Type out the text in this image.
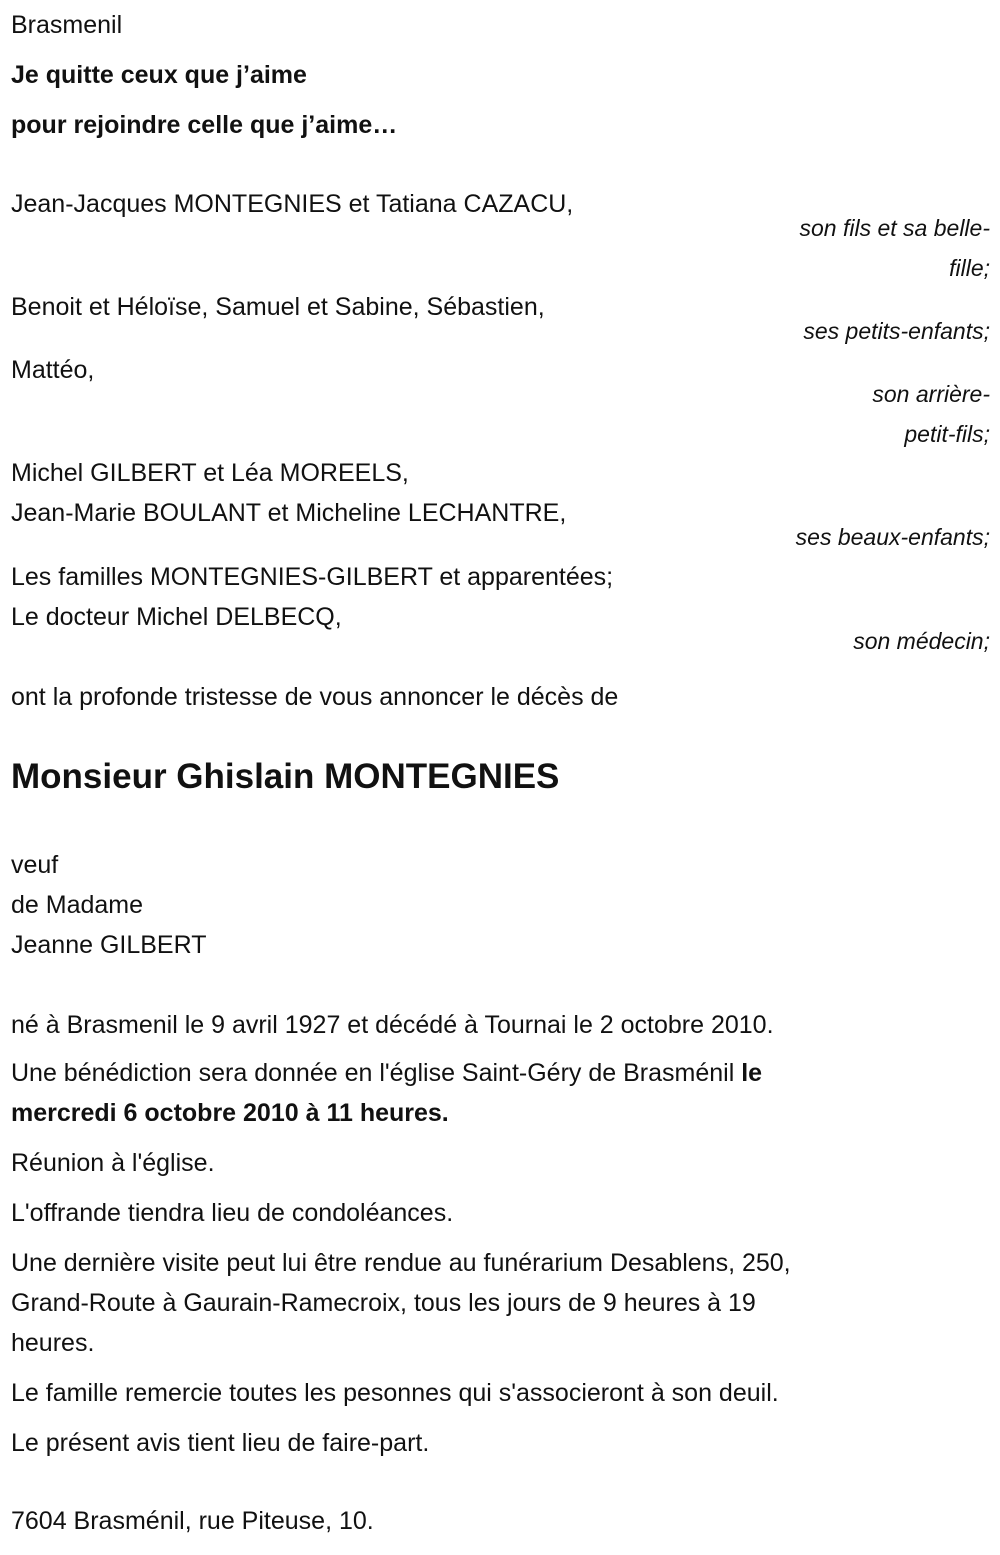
Brasmenil
Je quitte ceux que j’aime
pour rejoindre celle que j’aime…
Jean-Jacques MONTEGNIES et Tatiana CAZACU,
son fils et sa belle-
fille;
Benoit et Héloïse, Samuel et Sabine, Sébastien,
ses petits-enfants;
Mattéo,
son arrière-
petit-fils;
Michel GILBERT et Léa MOREELS,
Jean-Marie BOULANT et Micheline LECHANTRE,
ses beaux-enfants;
Les familles MONTEGNIES-GILBERT et apparentées;
Le docteur Michel DELBECQ,
son médecin;
ont la profonde tristesse de vous annoncer le décès de
Monsieur Ghislain MONTEGNIES
veuf
de Madame
Jeanne GILBERT
né à Brasmenil le 9 avril 1927 et décédé à Tournai le 2 octobre 2010.
Une bénédiction sera donnée en l'église Saint-Géry de Brasménil le
mercredi 6 octobre 2010 à 11 heures.
Réunion à l'église.
L'offrande tiendra lieu de condoléances.
Une dernière visite peut lui être rendue au funérarium Desablens, 250,
Grand-Route à Gaurain-Ramecroix, tous les jours de 9 heures à 19
heures.
Le famille remercie toutes les pesonnes qui s'associeront à son deuil.
Le présent avis tient lieu de faire-part.
7604 Brasménil, rue Piteuse, 10.
